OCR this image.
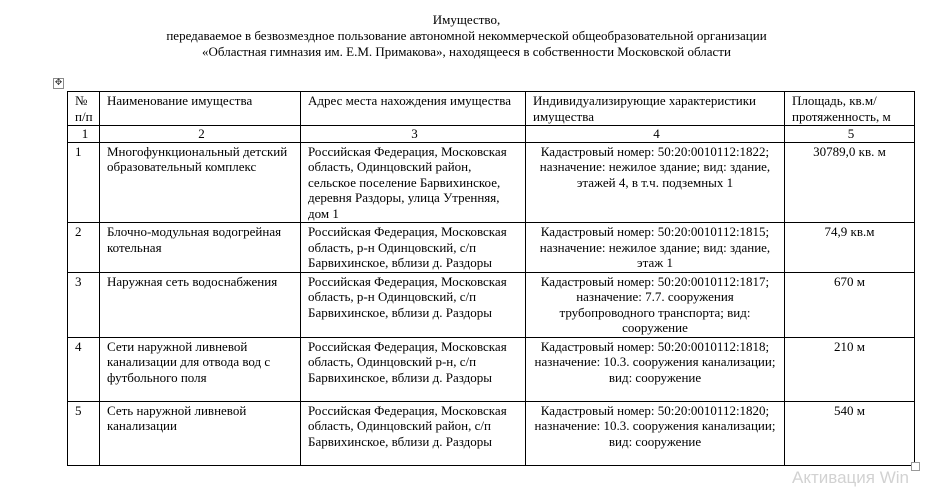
Имущество,
передаваемое в безвозмездное пользование автономной некоммерческой общеобразовательной организации
«Областная гимназия им. Е.М. Примакова», находящееся в собственности Московской области
✥
№ п/п	Наименование имущества	Адрес места нахождения имущества	Индивидуализирующие характеристики имущества	Площадь, кв.м/ протяженность, м
1	2	3	4	5
1	Многофункциональный детский образовательный комплекс	Российская Федерация, Московская область, Одинцовский район, сельское поселение Барвихинское, деревня Раздоры, улица Утренняя, дом 1	Кадастровый номер: 50:20:0010112:1822; назначение: нежилое здание; вид: здание, этажей 4, в т.ч. подземных 1	30789,0 кв. м
2	Блочно-модульная водогрейная котельная	Российская Федерация, Московская область, р-н Одинцовский, с/п Барвихинское, вблизи д. Раздоры	Кадастровый номер: 50:20:0010112:1815; назначение: нежилое здание; вид: здание, этаж 1	74,9 кв.м
3	Наружная сеть водоснабжения	Российская Федерация, Московская область, р-н Одинцовский, с/п Барвихинское, вблизи д. Раздоры	Кадастровый номер: 50:20:0010112:1817; назначение: 7.7. сооружения трубопроводного транспорта; вид: сооружение	670 м
4	Сети наружной ливневой канализации для отвода вод с футбольного поля	Российская Федерация, Московская область, Одинцовский р-н, с/п Барвихинское, вблизи д. Раздоры	Кадастровый номер: 50:20:0010112:1818; назначение: 10.3. сооружения канализации; вид: сооружение	210 м
5	Сеть наружной ливневой канализации	Российская Федерация, Московская область, Одинцовский район, с/п Барвихинское, вблизи д. Раздоры	Кадастровый номер: 50:20:0010112:1820; назначение: 10.3. сооружения канализации; вид: сооружение	540 м
Активация Win
